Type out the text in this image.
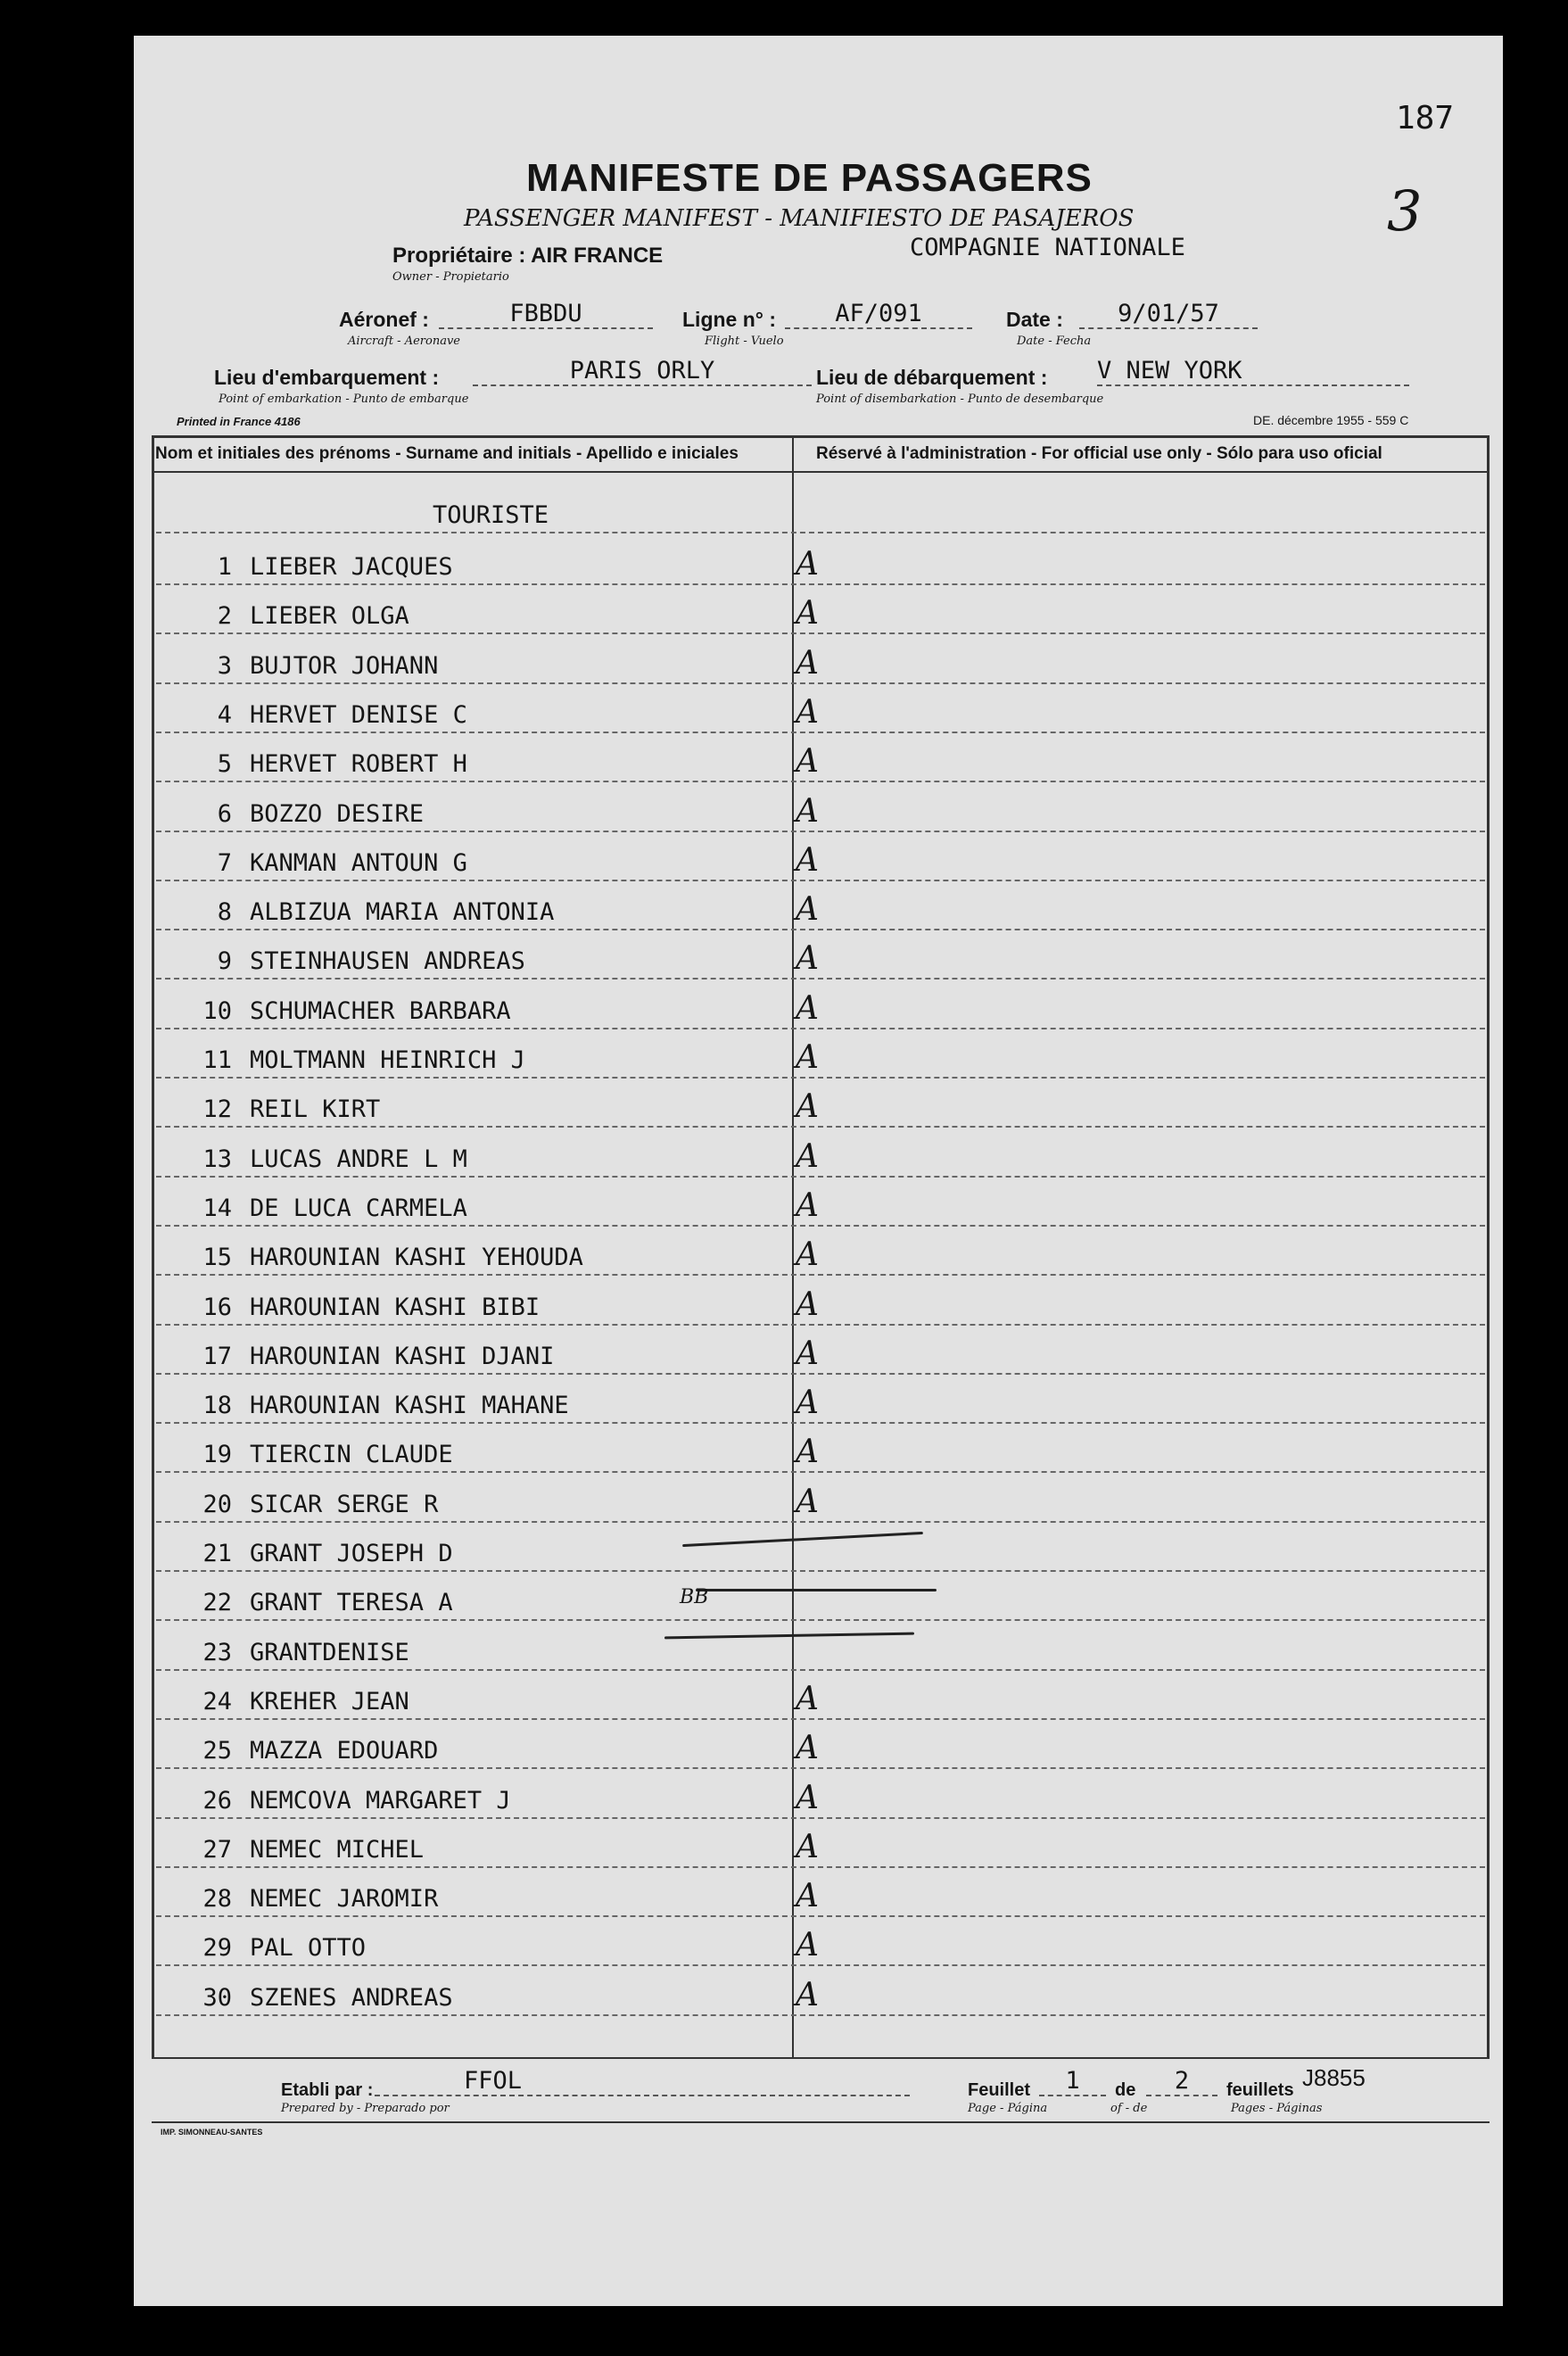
187
3
MANIFESTE DE PASSAGERS
PASSENGER MANIFEST - MANIFIESTO DE PASAJEROS
Propriétaire : AIR FRANCE
Owner - Propietario
COMPAGNIE NATIONALE
Aéronef :
Aircraft - Aeronave
FBBDU	Ligne n° :
Flight - Vuelo
AF/091	Date :
Date - Fecha
9/01/57
Lieu d'embarquement :
Point of embarkation - Punto de embarque
PARIS ORLY	Lieu de débarquement :
Point of disembarkation - Punto de desembarque
V NEW YORK
Printed in France 4186	DE. décembre 1955 - 559 C
Nom et initiales des prénoms - Surname and initials - Apellido e iniciales	Réservé à l'administration - For official use only - Sólo para uso oficial
TOURISTE
1 LIEBER JACQUES	A
2 LIEBER OLGA	A
3 BUJTOR JOHANN	A
4 HERVET DENISE C	A
5 HERVET ROBERT H	A
6 BOZZO DESIRE	A
7 KANMAN ANTOUN G	A
8 ALBIZUA MARIA ANTONIA	A
9 STEINHAUSEN ANDREAS	A
10 SCHUMACHER BARBARA	A
11 MOLTMANN HEINRICH J	A
12 REIL KIRT	A
13 LUCAS ANDRE L M	A
14 DE LUCA CARMELA	A
15 HAROUNIAN KASHI YEHOUDA	A
16 HAROUNIAN KASHI BIBI	A
17 HAROUNIAN KASHI DJANI	A
18 HAROUNIAN KASHI MAHANE	A
19 TIERCIN CLAUDE	A
20 SICAR SERGE R	A
21 GRANT JOSEPH D
22 GRANT TERESA A
23 GRANTDENISE
24 KREHER JEAN	A
25 MAZZA EDOUARD	A
26 NEMCOVA MARGARET J	A
27 NEMEC MICHEL	A
28 NEMEC JAROMIR	A
29 PAL OTTO	A
30 SZENES ANDREAS	A
BB
Etabli par :
Prepared by - Preparado por
FFOL	Feuillet
Page - Página
1	de
of - de
2	feuillets
Pages - Páginas
J8855
IMP. SIMONNEAU-SANTES
